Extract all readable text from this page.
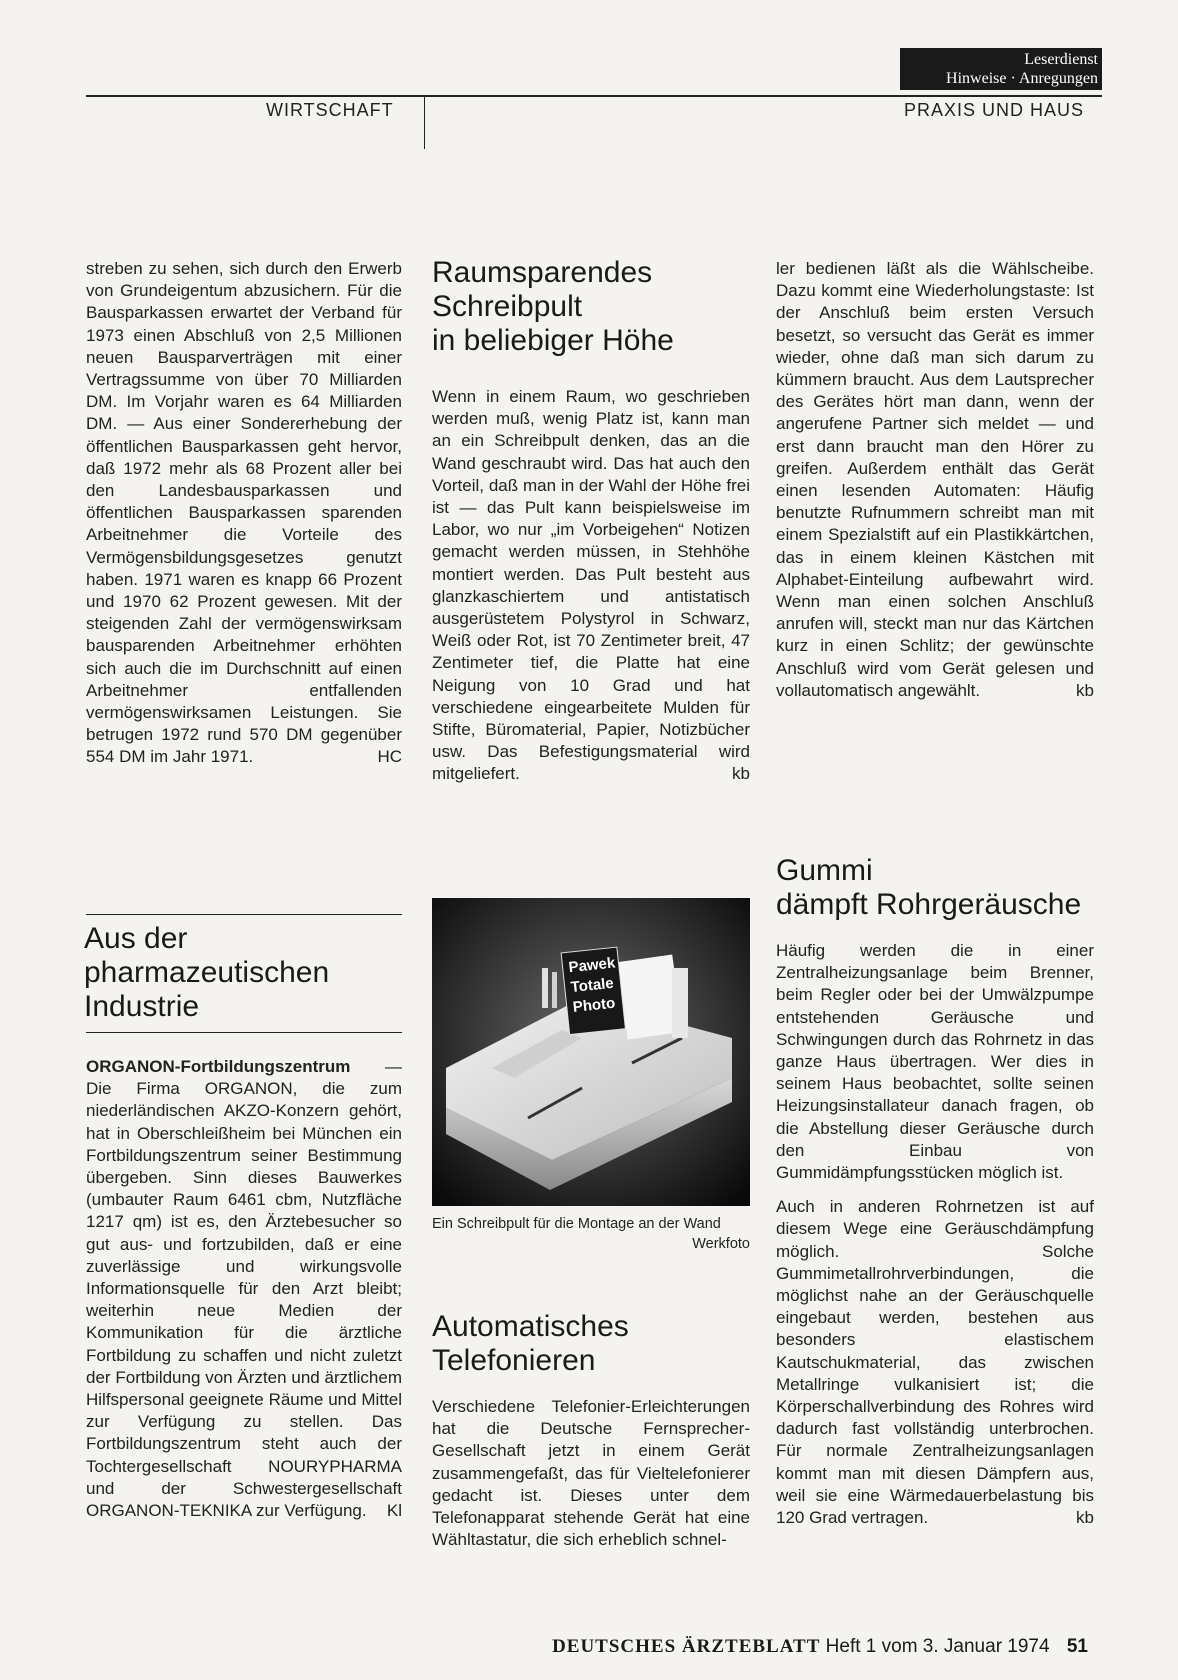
Leserdienst
Hinweise · Anregungen
WIRTSCHAFT	PRAXIS UND HAUS

streben zu sehen, sich durch den Erwerb von Grundeigentum abzusichern. Für die Bausparkassen erwartet der Verband für 1973 einen Abschluß von 2,5 Millionen neuen Bausparverträgen mit einer Vertragssumme von über 70 Milliarden DM. Im Vorjahr waren es 64 Milliarden DM. — Aus einer Sondererhebung der öffentlichen Bausparkassen geht hervor, daß 1972 mehr als 68 Prozent aller bei den Landesbausparkassen und öffentlichen Bausparkassen sparenden Arbeitnehmer die Vorteile des Vermögensbildungsgesetzes genutzt haben. 1971 waren es knapp 66 Prozent und 1970 62 Prozent gewesen. Mit der steigenden Zahl der vermögenswirksam bausparenden Arbeitnehmer erhöhten sich auch die im Durchschnitt auf einen Arbeitnehmer entfallenden vermögenswirksamen Leistungen. Sie betrugen 1972 rund 570 DM gegenüber 554 DM im Jahr 1971.	HC

Aus der
pharmazeutischen
Industrie

ORGANON-Fortbildungszentrum — Die Firma ORGANON, die zum niederländischen AKZO-Konzern gehört, hat in Oberschleißheim bei München ein Fortbildungszentrum seiner Bestimmung übergeben. Sinn dieses Bauwerkes (umbauter Raum 6461 cbm, Nutzfläche 1217 qm) ist es, den Ärztebesucher so gut aus- und fortzubilden, daß er eine zuverlässige und wirkungsvolle Informationsquelle für den Arzt bleibt; weiterhin neue Medien der Kommunikation für die ärztliche Fortbildung zu schaffen und nicht zuletzt der Fortbildung von Ärzten und ärztlichem Hilfspersonal geeignete Räume und Mittel zur Verfügung zu stellen. Das Fortbildungszentrum steht auch der Tochtergesellschaft NOURYPHARMA und der Schwestergesellschaft ORGANON-TEKNIKA zur Verfügung. Kl

Raumsparendes
Schreibpult
in beliebiger Höhe

Wenn in einem Raum, wo geschrieben werden muß, wenig Platz ist, kann man an ein Schreibpult denken, das an die Wand geschraubt wird. Das hat auch den Vorteil, daß man in der Wahl der Höhe frei ist — das Pult kann beispielsweise im Labor, wo nur „im Vorbeigehen“ Notizen gemacht werden müssen, in Stehhöhe montiert werden. Das Pult besteht aus glanzkaschiertem und antistatisch ausgerüstetem Polystyrol in Schwarz, Weiß oder Rot, ist 70 Zentimeter breit, 47 Zentimeter tief, die Platte hat eine Neigung von 10 Grad und hat verschiedene eingearbeitete Mulden für Stifte, Büromaterial, Papier, Notizbücher usw. Das Befestigungsmaterial wird mitgeliefert.	kb

Pawek
Totale
Photo
Ein Schreibpult für die Montage an der Wand
Werkfoto
Automatisches
Telefonieren

Verschiedene Telefonier-Erleichterungen hat die Deutsche Fernsprecher-Gesellschaft jetzt in einem Gerät zusammengefaßt, das für Vieltelefonierer gedacht ist. Dieses unter dem Telefonapparat stehende Gerät hat eine Wähltastatur, die sich erheblich schnel-

ler bedienen läßt als die Wählscheibe. Dazu kommt eine Wiederholungstaste: Ist der Anschluß beim ersten Versuch besetzt, so versucht das Gerät es immer wieder, ohne daß man sich darum zu kümmern braucht. Aus dem Lautsprecher des Gerätes hört man dann, wenn der angerufene Partner sich meldet — und erst dann braucht man den Hörer zu greifen. Außerdem enthält das Gerät einen lesenden Automaten: Häufig benutzte Rufnummern schreibt man mit einem Spezialstift auf ein Plastikkärtchen, das in einem kleinen Kästchen mit Alphabet-Einteilung aufbewahrt wird. Wenn man einen solchen Anschluß anrufen will, steckt man nur das Kärtchen kurz in einen Schlitz; der gewünschte Anschluß wird vom Gerät gelesen und vollautomatisch angewählt.	kb

Gummi
dämpft Rohrgeräusche

Häufig werden die in einer Zentralheizungsanlage beim Brenner, beim Regler oder bei der Umwälzpumpe entstehenden Geräusche und Schwingungen durch das Rohrnetz in das ganze Haus übertragen. Wer dies in seinem Haus beobachtet, sollte seinen Heizungsinstallateur danach fragen, ob die Abstellung dieser Geräusche durch den Einbau von Gummidämpfungsstücken möglich ist.

Auch in anderen Rohrnetzen ist auf diesem Wege eine Geräuschdämpfung möglich. Solche Gummimetallrohrverbindungen, die möglichst nahe an der Geräuschquelle eingebaut werden, bestehen aus besonders elastischem Kautschukmaterial, das zwischen Metallringe vulkanisiert ist; die Körperschallverbindung des Rohres wird dadurch fast vollständig unterbrochen. Für normale Zentralheizungsanlagen kommt man mit diesen Dämpfern aus, weil sie eine Wärmedauerbelastung bis 120 Grad vertragen.	kb

DEUTSCHES ÄRZTEBLATT Heft 1 vom 3. Januar 1974 51
